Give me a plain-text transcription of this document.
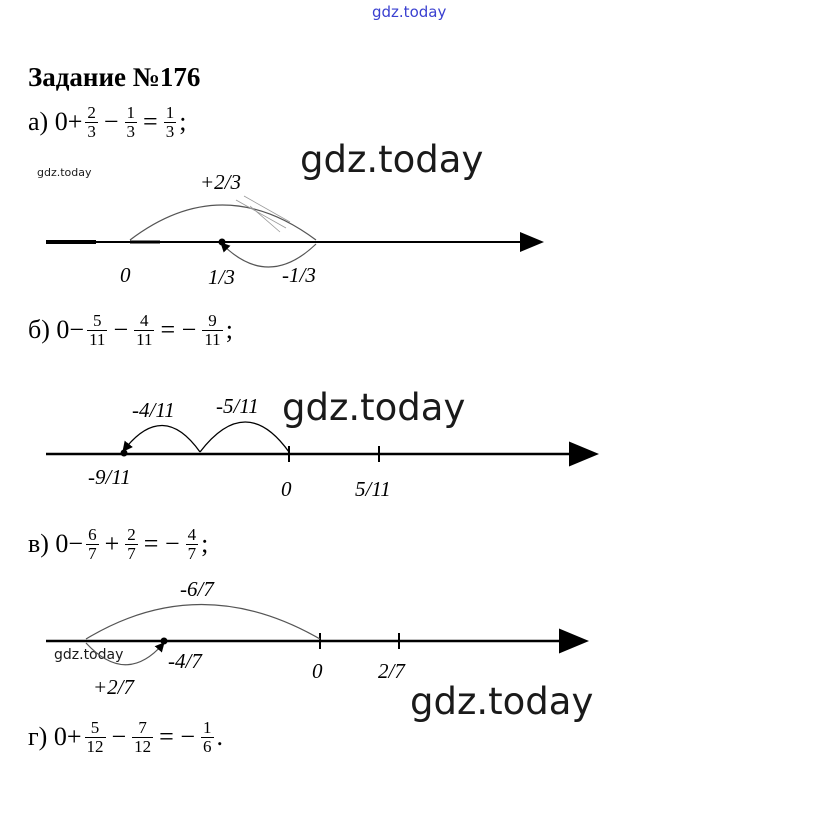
gdz.today
gdz.today	gdz.today
gdz.today
gdz.today
gdz.today
Задание №176
а) $0+ \frac{2}{3} - \frac{1}{3} = \frac{1}{3}$ ;
б) $0- \frac{5}{11} - \frac{4}{11}$ = − $\frac{9}{11}$ ;
в) $0- \frac{6}{7} + \frac{2}{7}$ = − $\frac{4}{7}$ ;
г) $0+ \frac{5}{12} - \frac{7}{12}$ = − $\frac{1}{6}$ .
+2/3
0	1/3 -1/3
-4/11 -5/11
-9/11	0	5/11
-6/7
-4/7	0	2/7
+2/7
